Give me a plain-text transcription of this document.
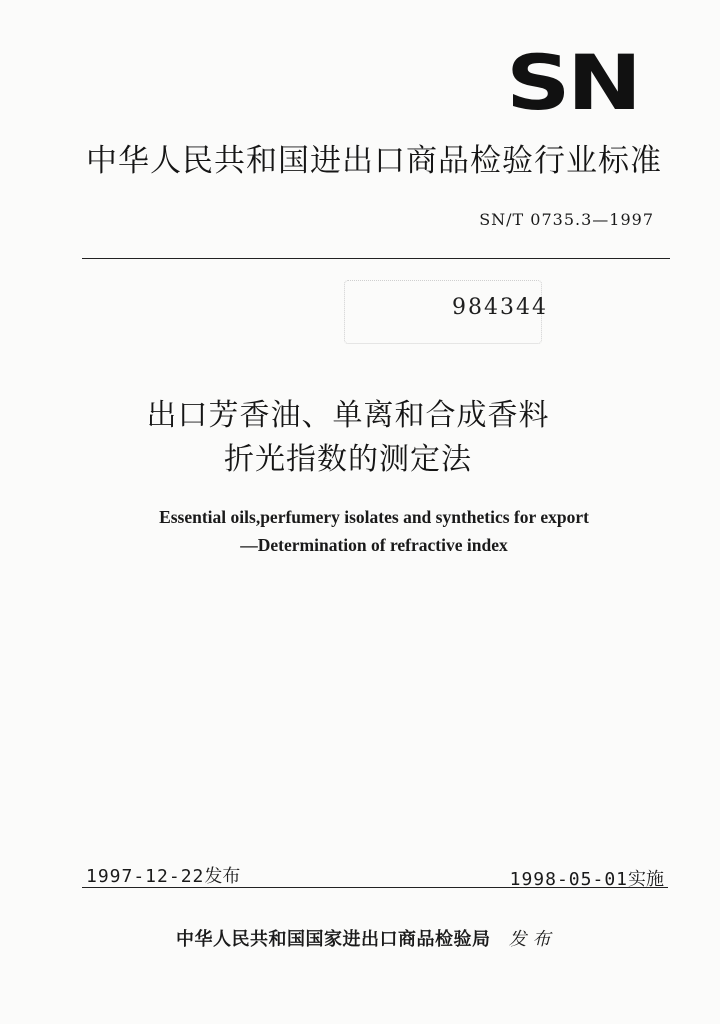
SN
中华人民共和国进出口商品检验行业标准
SN/T 0735.3—1997
984344
出口芳香油、单离和合成香料
折光指数的测定法
Essential oils,perfumery isolates and synthetics for export
—Determination of refractive index
1997-12-22发布	1998-05-01实施
中华人民共和国国家进出口商品检验局 发布
